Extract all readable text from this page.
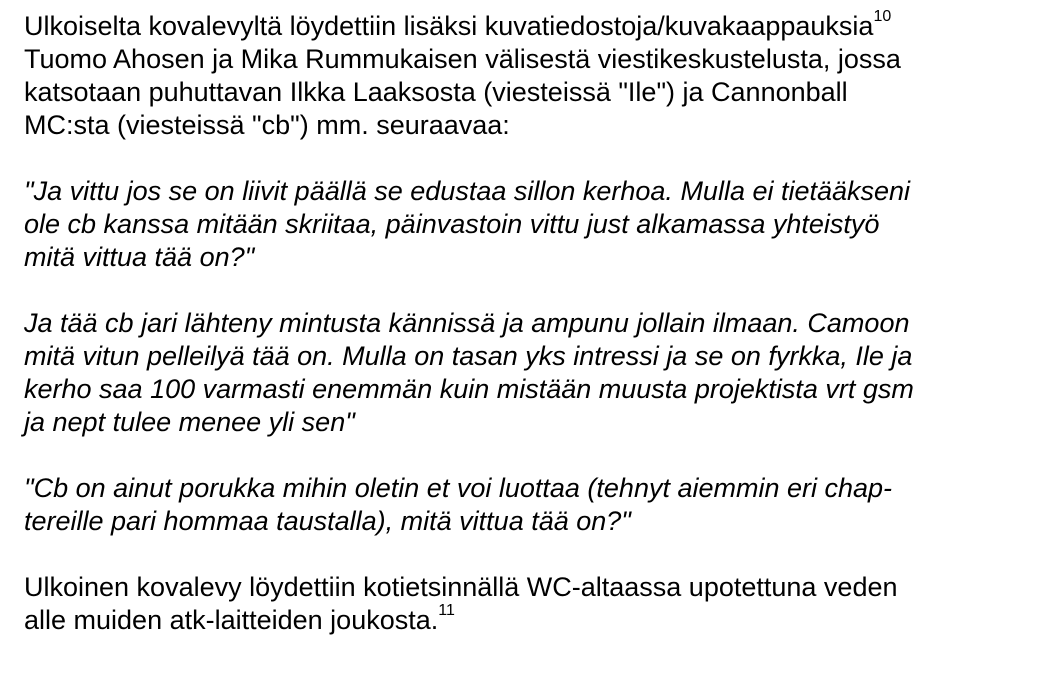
Ulkoiselta kovalevyltä löydettiin lisäksi kuvatiedostoja/kuvakaappauksia$^{10}$
Tuomo Ahosen ja Mika Rummukaisen välisestä viestikeskustelusta, jossa
katsotaan puhuttavan Ilkka Laaksosta (viesteissä "Ile") ja Cannonball
MC:sta (viesteissä "cb") mm. seuraavaa:

"Ja vittu jos se on liivit päällä se edustaa sillon kerhoa. Mulla ei tietääkseni
ole cb kanssa mitään skriitaa, päinvastoin vittu just alkamassa yhteistyö
mitä vittua tää on?"

Ja tää cb jari lähteny mintusta kännissä ja ampunu jollain ilmaan. Camoon
mitä vitun pelleilyä tää on. Mulla on tasan yks intressi ja se on fyrkka, Ile ja
kerho saa 100 varmasti enemmän kuin mistään muusta projektista vrt gsm
ja nept tulee menee yli sen"

"Cb on ainut porukka mihin oletin et voi luottaa (tehnyt aiemmin eri chap-
tereille pari hommaa taustalla), mitä vittua tää on?"

Ulkoinen kovalevy löydettiin kotietsinnällä WC-altaassa upotettuna veden
alle muiden atk-laitteiden joukosta.$^{11}$
